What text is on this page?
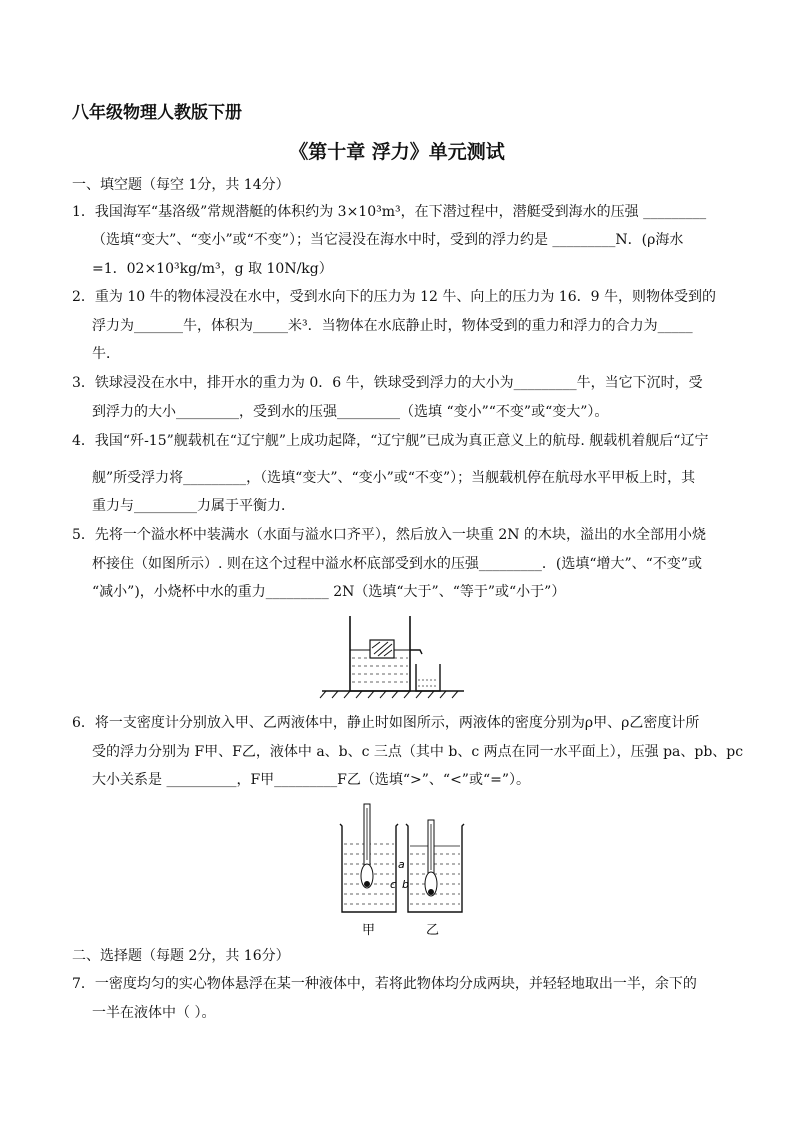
八年级物理人教版下册
《第十章 浮力》单元测试
一、填空题（每空 1分，共 14分）
1．我国海军“基洛级”常规潜艇的体积约为 3×10³m³，在下潜过程中，潜艇受到海水的压强 _________
（选填“变大”、“变小”或“不变”）；当它浸没在海水中时，受到的浮力约是 _________N．(ρ海水
=1．02×10³kg/m³，g 取 10N/kg）
2．重为 10 牛的物体浸没在水中，受到水向下的压力为 12 牛、向上的压力为 16．9 牛，则物体受到的
浮力为_______牛，体积为_____米³．当物体在水底静止时，物体受到的重力和浮力的合力为_____
牛．
3．铁球浸没在水中，排开水的重力为 0．6 牛，铁球受到浮力的大小为_________牛，当它下沉时，受
到浮力的大小_________，受到水的压强_________（选填 “变小”“不变”或“变大”）。
4．我国“歼-15”舰载机在“辽宁舰”上成功起降，“辽宁舰”已成为真正意义上的航母. 舰载机着舰后“辽宁
舰”所受浮力将_________，（选填“变大”、“变小”或“不变”）；当舰载机停在航母水平甲板上时，其
重力与_________力属于平衡力．
5．先将一个溢水杯中装满水（水面与溢水口齐平），然后放入一块重 2N 的木块，溢出的水全部用小烧
杯接住（如图所示）. 则在这个过程中溢水杯底部受到水的压强_________．(选填“增大”、“不变”或
“减小”)，小烧杯中水的重力_________ 2N（选填“大于”、“等于”或“小于”）
6．将一支密度计分别放入甲、乙两液体中，静止时如图所示，两液体的密度分别为ρ甲、ρ乙密度计所
受的浮力分别为 F甲、F乙，液体中 a、b、c 三点（其中 b、c 两点在同一水平面上），压强 pa、pb、pc
大小关系是 __________，F甲_________F乙（选填“>”、“<”或“=”）。
a
b
c
甲	乙
二、选择题（每题 2分，共 16分）
7．一密度均匀的实心物体悬浮在某一种液体中，若将此物体均分成两块，并轻轻地取出一半，余下的
一半在液体中（ ）。
